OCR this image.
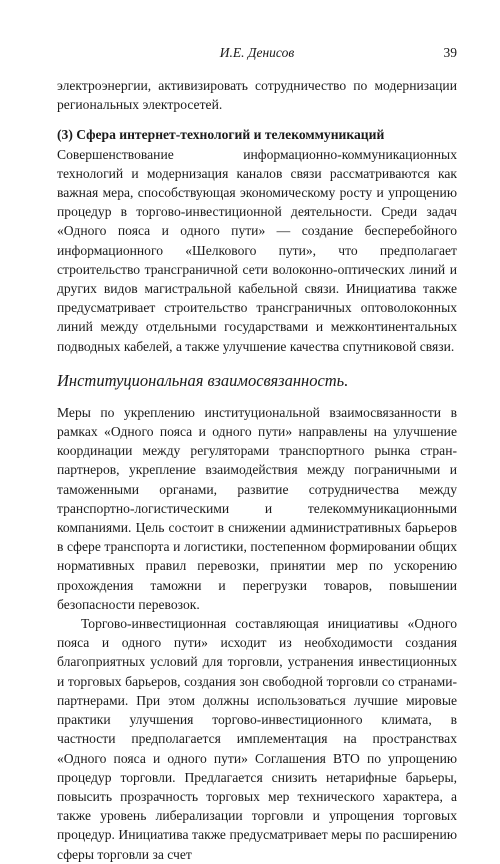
И.Е. Денисов	39

электроэнергии, активизировать сотрудничество по модернизации региональных электросетей.

(3) Сфера интернет-технологий и телекоммуникаций

Совершенствование информационно-коммуникационных технологий и модернизация каналов связи рассматриваются как важная мера, способствующая экономическому росту и упрощению процедур в торгово-инвестиционной деятельности. Среди задач «Одного пояса и одного пути» — создание бесперебойного информационного «Шелкового пути», что предполагает строительство трансграничной сети волоконно-оптических линий и других видов магистральной кабельной связи. Инициатива также предусматривает строительство трансграничных оптоволоконных линий между отдельными государствами и межконтинентальных подводных кабелей, а также улучшение качества спутниковой связи.

Институциональная взаимосвязанность.

Меры по укреплению институциональной взаимосвязанности в рамках «Одного пояса и одного пути» направлены на улучшение координации между регуляторами транспортного рынка стран-партнеров, укрепление взаимодействия между пограничными и таможенными органами, развитие сотрудничества между транспортно-логистическими и телекоммуникационными компаниями. Цель состоит в снижении административных барьеров в сфере транспорта и логистики, постепенном формировании общих нормативных правил перевозки, принятии мер по ускорению прохождения таможни и перегрузки товаров, повышении безопасности перевозок.

Торгово-инвестиционная составляющая инициативы «Одного пояса и одного пути» исходит из необходимости создания благоприятных условий для торговли, устранения инвестиционных и торговых барьеров, создания зон свободной торговли со странами-партнерами. При этом должны использоваться лучшие мировые практики улучшения торгово-инвестиционного климата, в частности предполагается имплементация на пространствах «Одного пояса и одного пути» Соглашения ВТО по упрощению процедур торговли. Предлагается снизить нетарифные барьеры, повысить прозрачность торговых мер технического характера, а также уровень либерализации торговли и упрощения торговых процедур. Инициатива также предусматривает меры по расширению сферы торговли за счет
